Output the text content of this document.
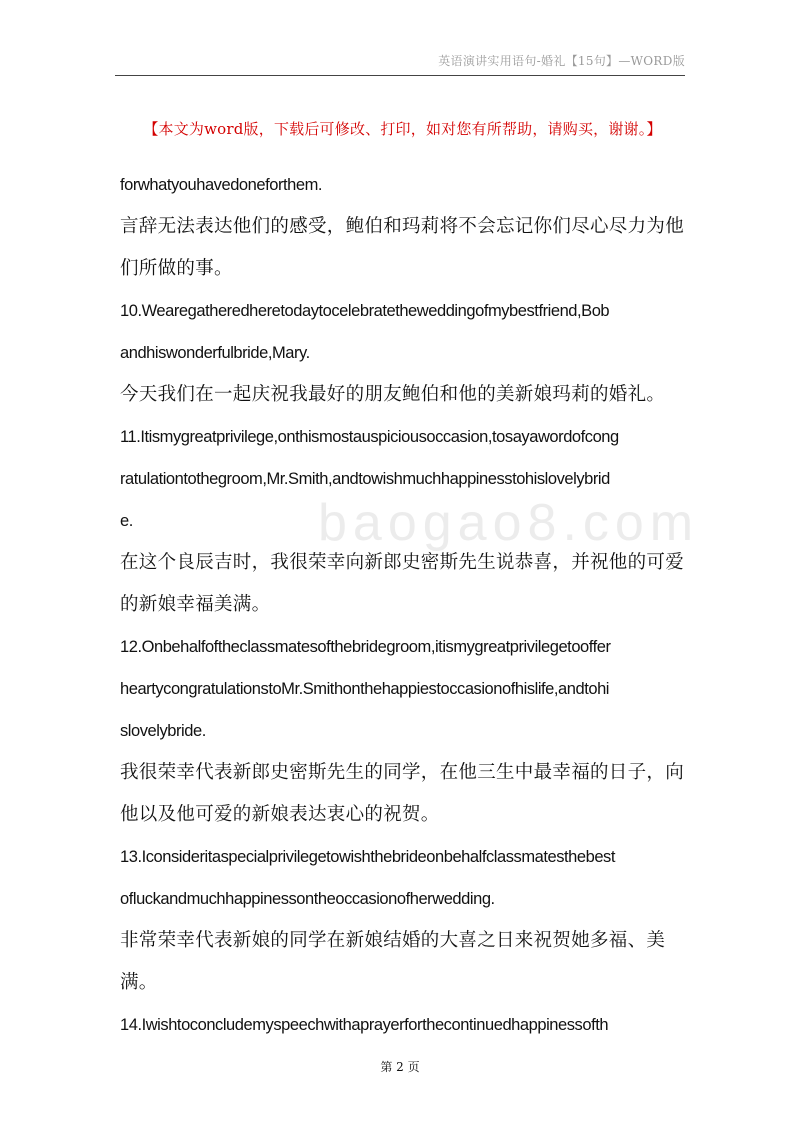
英语演讲实用语句-婚礼【15句】—WORD版
【本文为word版，下载后可修改、打印，如对您有所帮助，请购买，谢谢。】
baogao8.com
forwhatyouhavedoneforthem.
言辞无法表达他们的感受，鲍伯和玛莉将不会忘记你们尽心尽力为他
们所做的事。
10.Wearegatheredheretodaytocelebratetheweddingofmybestfriend,Bob
andhiswonderfulbride,Mary.
今天我们在一起庆祝我最好的朋友鲍伯和他的美新娘玛莉的婚礼。
11.Itismygreatprivilege,onthismostauspiciousoccasion,tosayawordofcong
ratulationtothegroom,Mr.Smith,andtowishmuchhappinesstohislovelybrid
e.
在这个良辰吉时，我很荣幸向新郎史密斯先生说恭喜，并祝他的可爱
的新娘幸福美满。
12.Onbehalfoftheclassmatesofthebridegroom,itismygreatprivilegetooffer
heartycongratulationstoMr.Smithonthehappiestoccasionofhislife,andtohi
slovelybride.
我很荣幸代表新郎史密斯先生的同学，在他三生中最幸福的日子，向
他以及他可爱的新娘表达衷心的祝贺。
13.Iconsideritaspecialprivilegetowishthebrideonbehalfclassmatesthebest
ofluckandmuchhappinessontheoccasionofherwedding.
非常荣幸代表新娘的同学在新娘结婚的大喜之日来祝贺她多福、美
满。
14.Iwishtoconcludemyspeechwithaprayerforthecontinuedhappinessofth
第 2 页
